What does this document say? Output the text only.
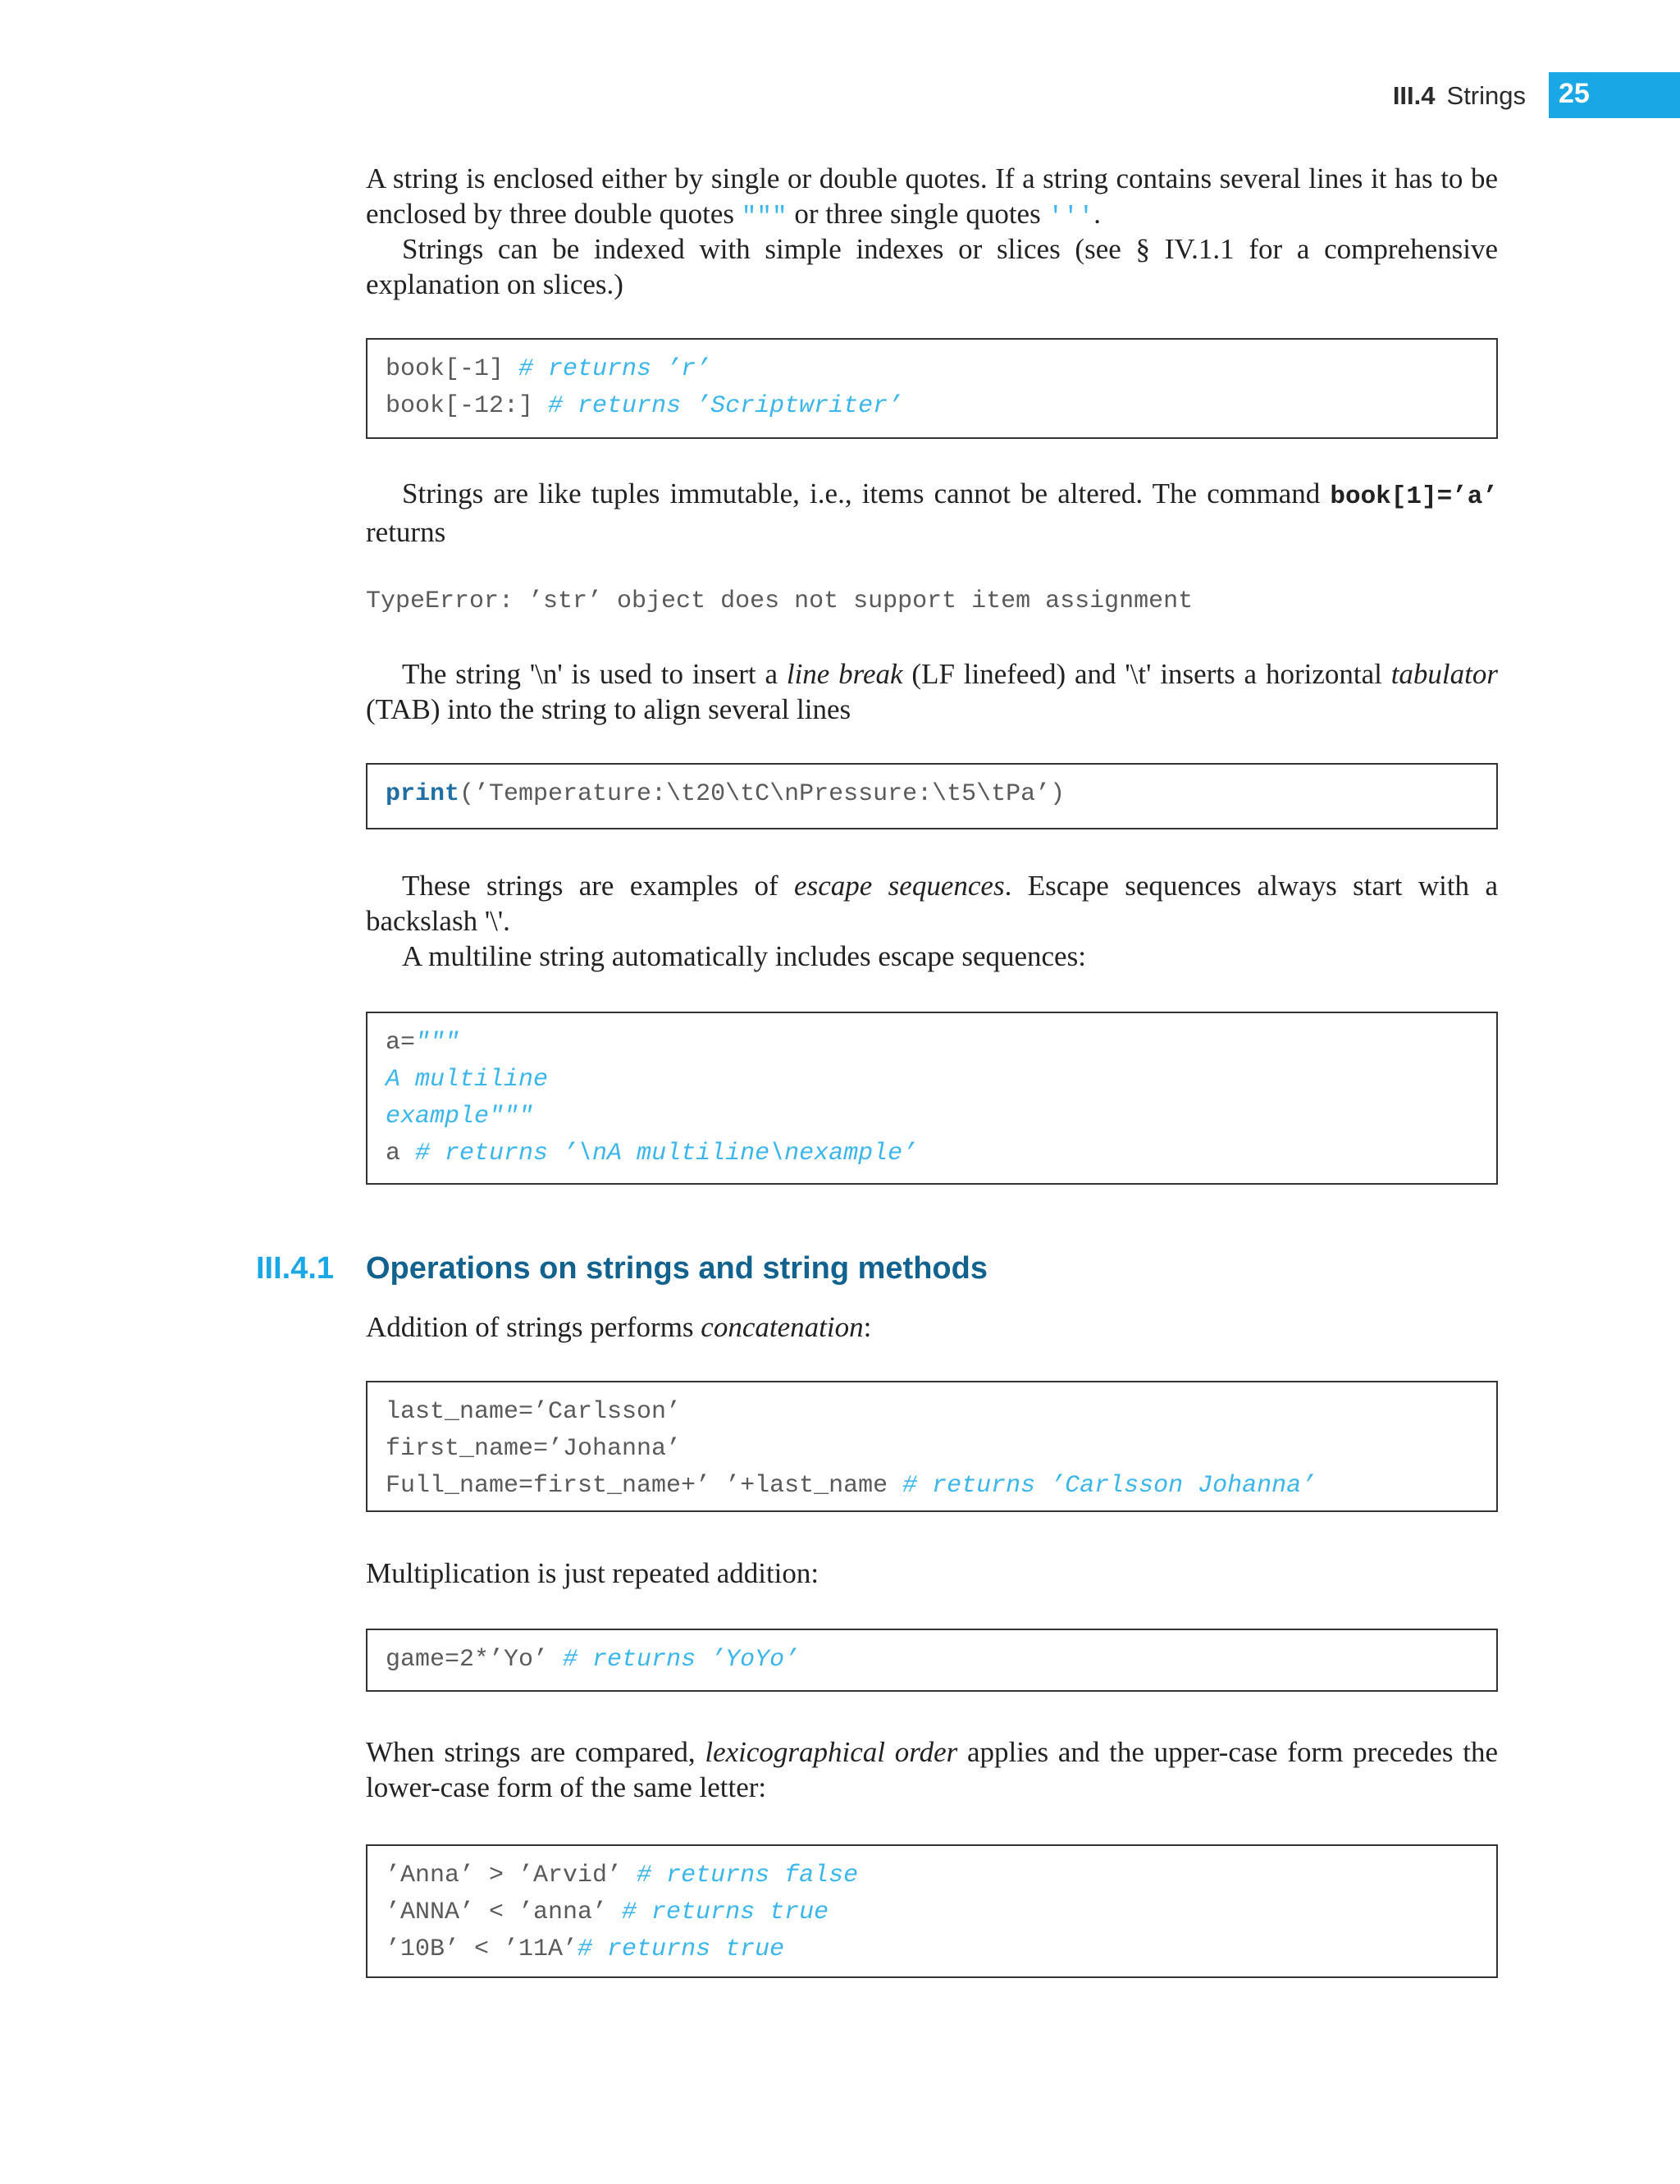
III.4 Strings 25

A string is enclosed either by single or double quotes. If a string contains several lines it has to be enclosed by three double quotes """ or three single quotes '''.

Strings can be indexed with simple indexes or slices (see § IV.1.1 for a comprehensive explanation on slices.)

book[-1] # returns ’r’
book[-12:] # returns ’Scriptwriter’

Strings are like tuples immutable, i.e., items cannot be altered. The command book[1]=’a’ returns

TypeError: ’str’ object does not support item assignment

The string '\n' is used to insert a line break (LF linefeed) and '\t' inserts a horizontal tabulator (TAB) into the string to align several lines

print(’Temperature:\t20\tC\nPressure:\t5\tPa’)

These strings are examples of escape sequences. Escape sequences always start with a backslash '\'.

A multiline string automatically includes escape sequences:

a="""
A multiline
example"""
a # returns ’\nA multiline\nexample’
III.4.1 Operations on strings and string methods

Addition of strings performs concatenation:

last_name=’Carlsson’
first_name=’Johanna’
Full_name=first_name+’ ’+last_name # returns ’Carlsson Johanna’

Multiplication is just repeated addition:

game=2*’Yo’ # returns ’YoYo’

When strings are compared, lexicographical order applies and the upper-case form precedes the lower-case form of the same letter:

’Anna’ > ’Arvid’ # returns false
’ANNA’ < ’anna’ # returns true
’10B’ < ’11A’# returns true
